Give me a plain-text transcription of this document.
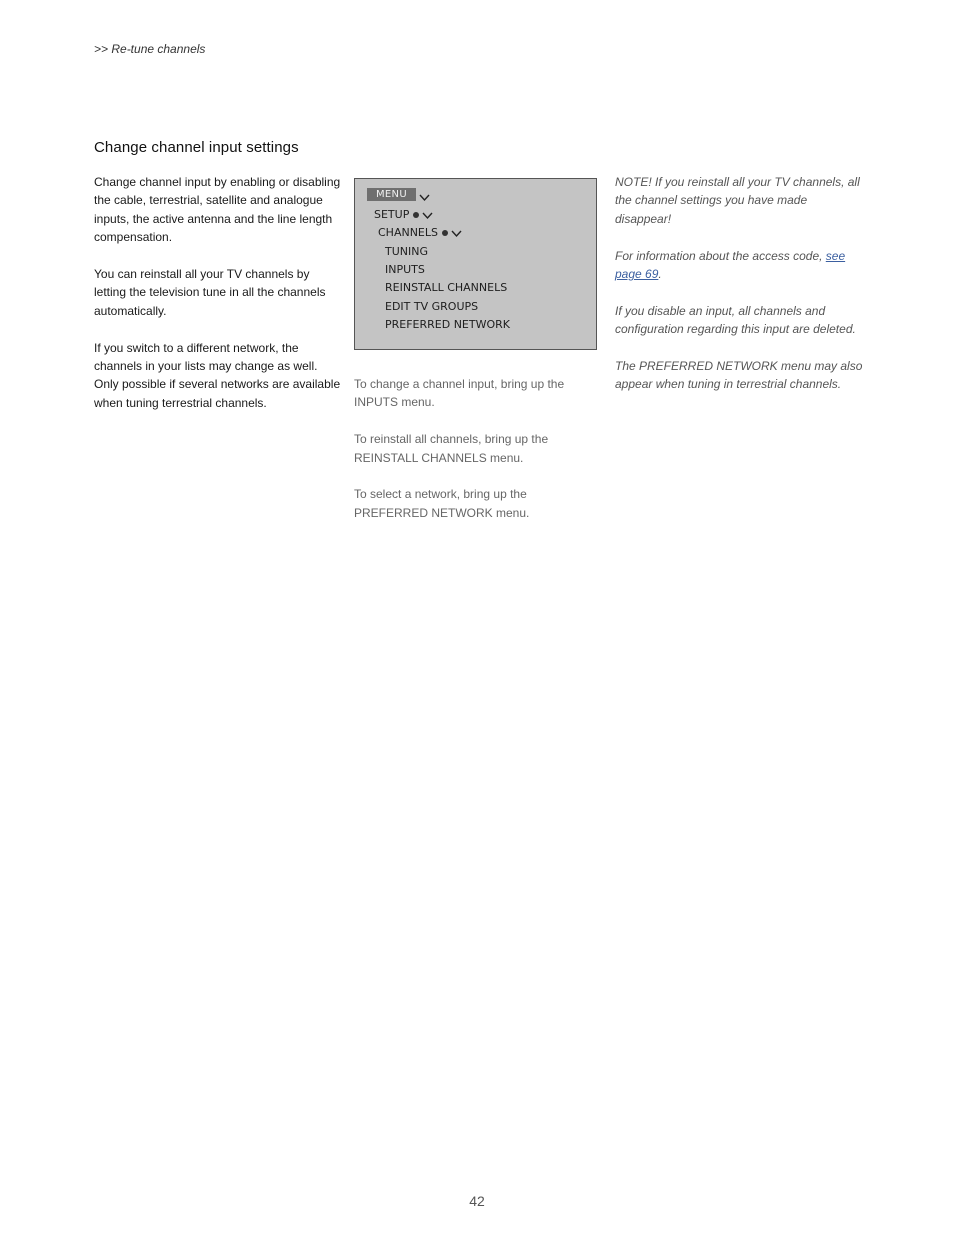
>> Re-tune channels
Change channel input settings

Change channel input by enabling or disabling the cable, terrestrial, satellite and analogue inputs, the active antenna and the line length compensation.

You can reinstall all your TV channels by letting the television tune in all the channels automatically.

If you switch to a different network, the channels in your lists may change as well. Only possible if several networks are available when tuning terrestrial channels.

MENU
SETUP
CHANNELS
TUNING
INPUTS
REINSTALL CHANNELS
EDIT TV GROUPS
PREFERRED NETWORK

To change a channel input, bring up the INPUTS menu.

To reinstall all channels, bring up the REINSTALL CHANNELS menu.

To select a network, bring up the PREFERRED NETWORK menu.

NOTE! If you reinstall all your TV channels, all the channel settings you have made disappear!

For information about the access code, see page 69.

If you disable an input, all channels and configuration regarding this input are deleted.

The PREFERRED NETWORK menu may also appear when tuning in terrestrial channels.

42
